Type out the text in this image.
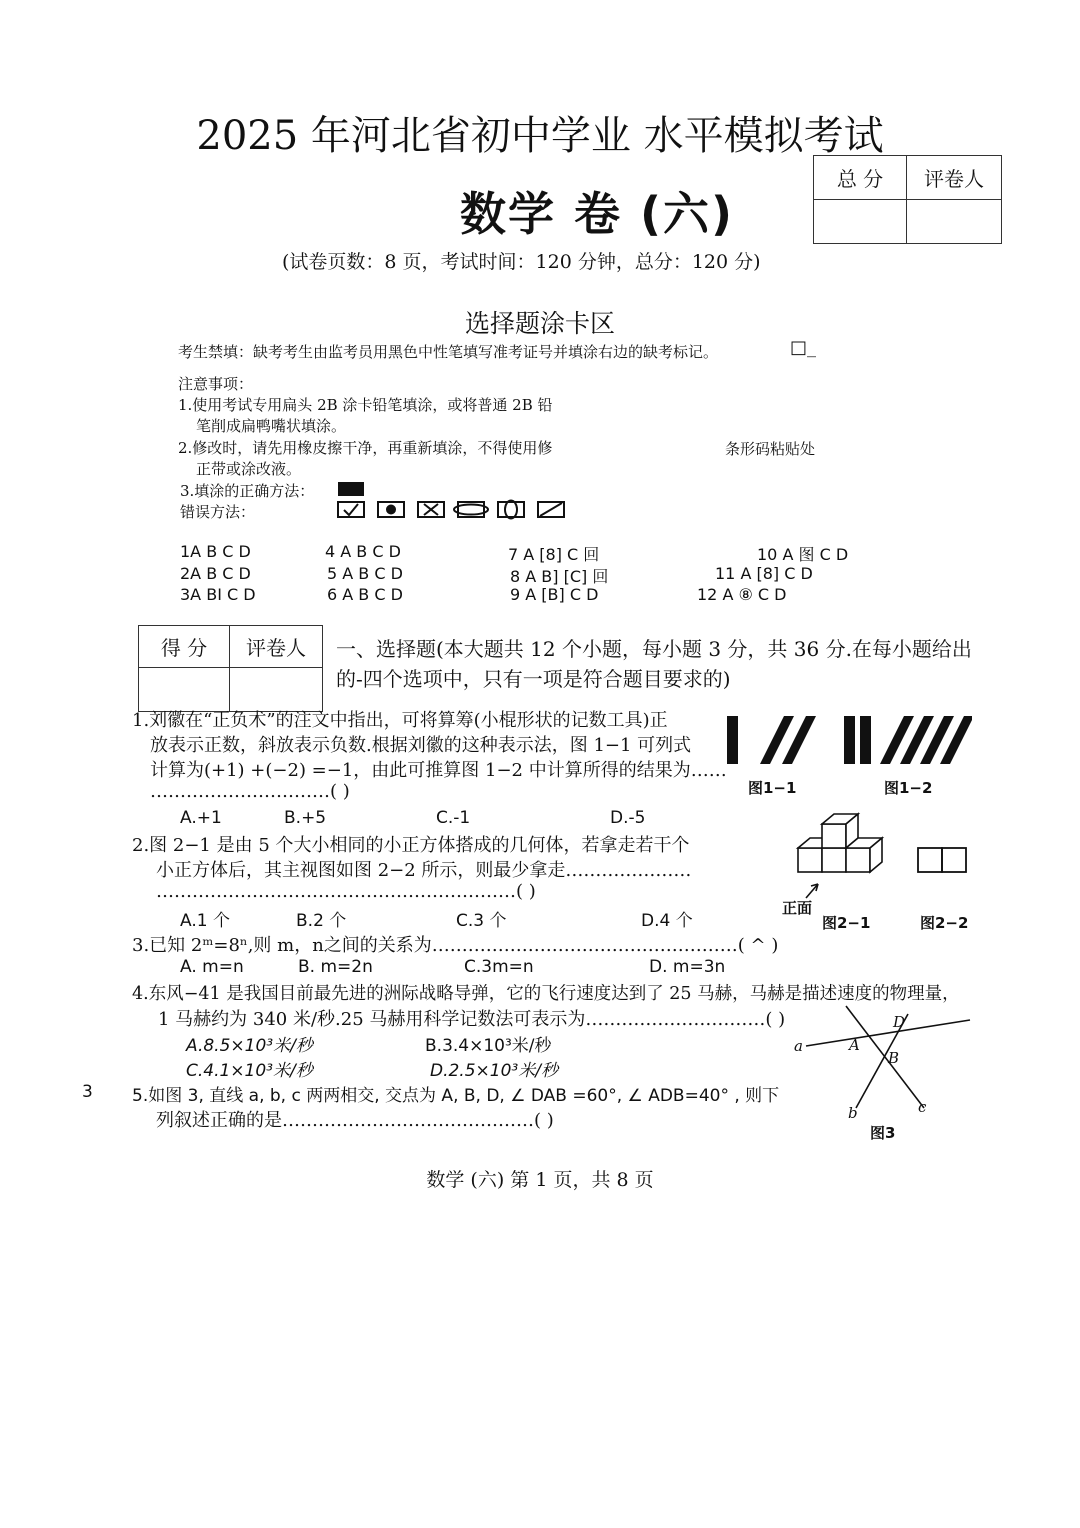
2025 年河北省初中学业 水平模拟考试
数学 卷 (六)
(试卷页数：8 页，考试时间：120 分钟，总分：120 分)
总 分	评卷人

选择题涂卡区
考生禁填：缺考考生由监考员用黑色中性笔填写准考证号并填涂右边的缺考标记。	□_
注意事项：
1.使用考试专用扁头 2B 涂卡铅笔填涂，或将普通 2B 铅
笔削成扁鸭嘴状填涂。
2.修改时，请先用橡皮擦干净，再重新填涂，不得使用修
正带或涂改液。
条形码粘贴处
3.填涂的正确方法：
错误方法：
1A B C D	4 A B C D	7 A [8] C 回	10 A 图 C D
2A B C D	5 A B C D	8 A B] [C] 回	11 A [8] C D
3A BI C D	6 A B C D	9 A [B] C D	12 A ⑧ C D
得 分	评卷人
	一、选择题(本大题共 12 个小题，每小题 3 分，共 36 分.在每小题给出的-四个选项中，只有一项是符合题目要求的)
1.刘徽在“正负术”的注文中指出，可将算筹(小棍形状的记数工具)正
放表示正数，斜放表示负数.根据刘徽的这种表示法，图 1−1 可列式
计算为(+1) +(−2) =−1，由此可推算图 1−2 中计算所得的结果为……
…………………………( )
A.+1	B.+5	C.-1	D.-5
图1−1	图1−2
2.图 2−1 是由 5 个大小相同的小正方体搭成的几何体，若拿走若干个
小正方体后，其主视图如图 2−2 所示，则最少拿走…………………
……………………………………………………( )
A.1 个	B.2 个	C.3 个	D.4 个
正面
图2−1	图2−2
3.已知 2ᵐ=8ⁿ,则 m，n之间的关系为……………………………………………( ^ )
A. m=n	B. m=2n	C.3m=n	D. m=3n
4.东风−41 是我国目前最先进的洲际战略导弹，它的飞行速度达到了 25 马赫，马赫是描述速度的物理量，
1 马赫约为 340 米/秒.25 马赫用科学记数法可表示为…………………………( )
A.8.5×10³米/秒	B.3.4×10³米/秒
C.4.1×10³米/秒	D.2.5×10³米/秒
3 5.如图 3, 直线 a, b, c 两两相交, 交点为 A, B, D, ∠ DAB =60°, ∠ ADB=40° , 则下
列叙述正确的是……………………………………( )
a
b	c
A
B
D
图3
数学 (六) 第 1 页，共 8 页
